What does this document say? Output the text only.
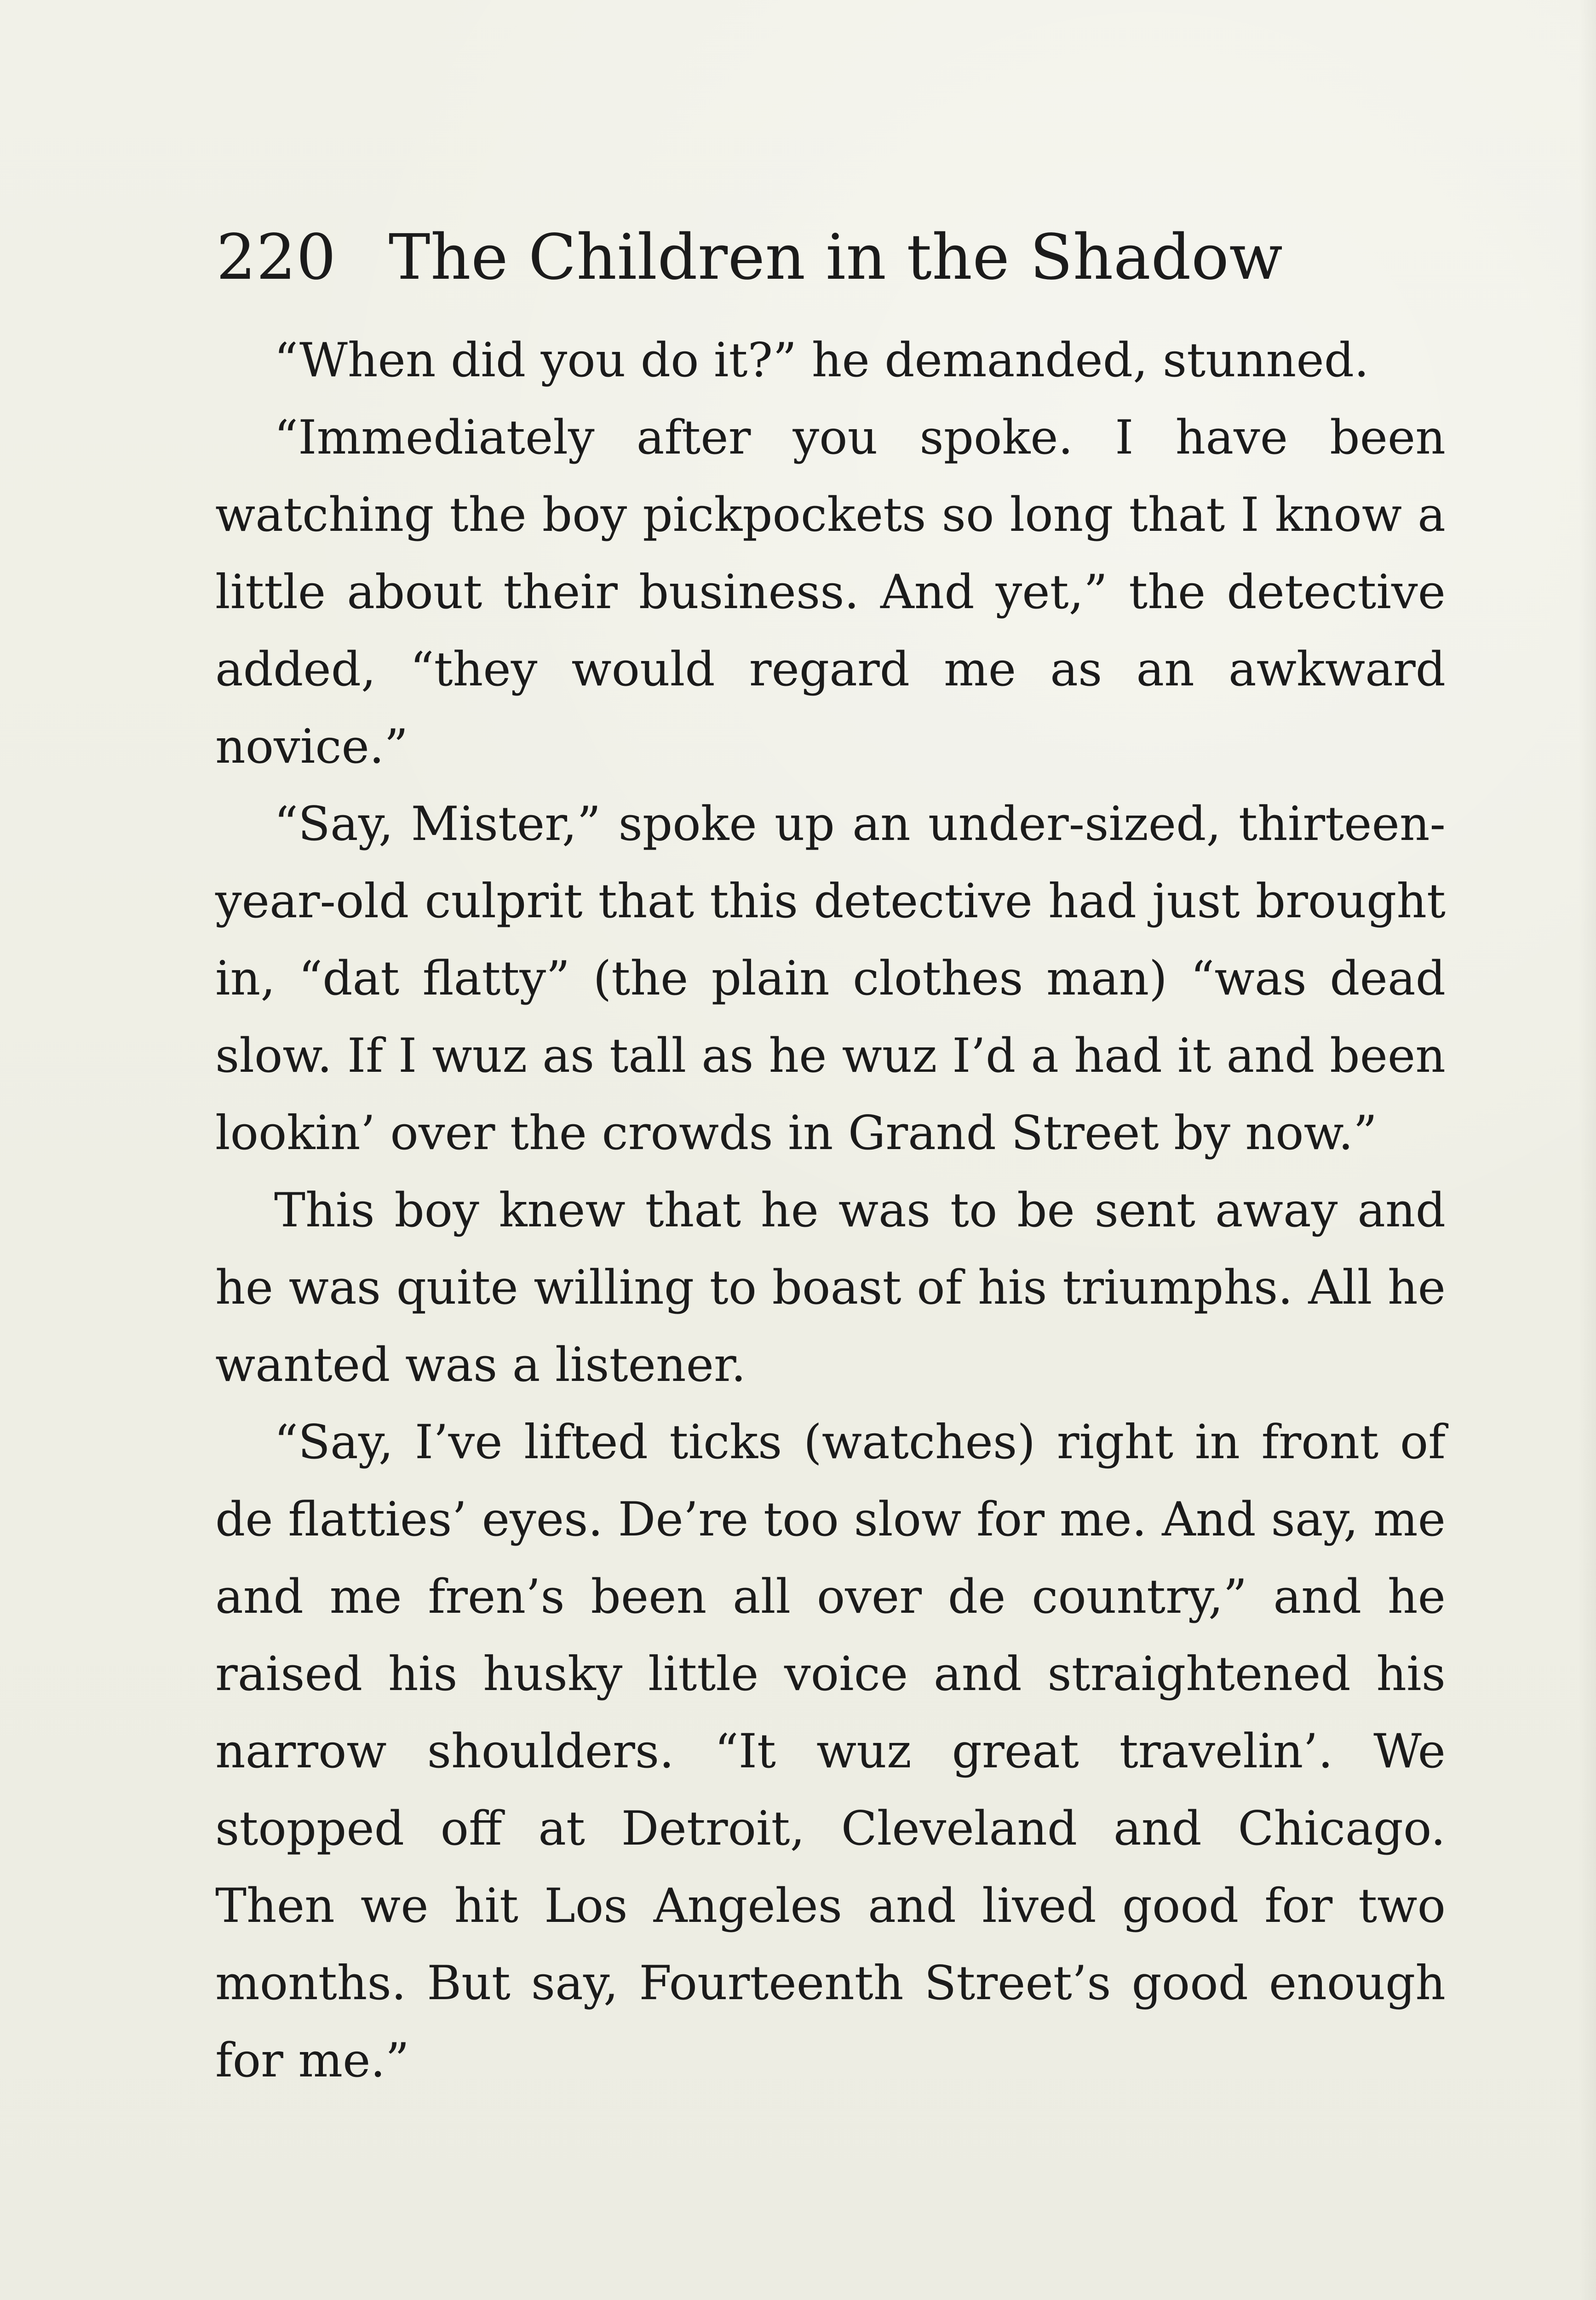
220 The Children in the Shadow

“When did you do it?” he demanded, stunned.

“Immediately after you spoke. I have been watching the boy pickpockets so long that I know a little about their business. And yet,” the detective added, “they would regard me as an awkward novice.”

“Say, Mister,” spoke up an under-sized, thirteen-year-old culprit that this detective had just brought in, “dat flatty” (the plain clothes man) “was dead slow. If I wuz as tall as he wuz I’d a had it and been lookin’ over the crowds in Grand Street by now.”

This boy knew that he was to be sent away and he was quite willing to boast of his triumphs. All he wanted was a listener.

“Say, I’ve lifted ticks (watches) right in front of de flatties’ eyes. De’re too slow for me. And say, me and me fren’s been all over de country,” and he raised his husky little voice and straightened his narrow shoulders. “It wuz great travelin’. We stopped off at Detroit, Cleveland and Chicago. Then we hit Los Angeles and lived good for two months. But say, Fourteenth Street’s good enough for me.”
